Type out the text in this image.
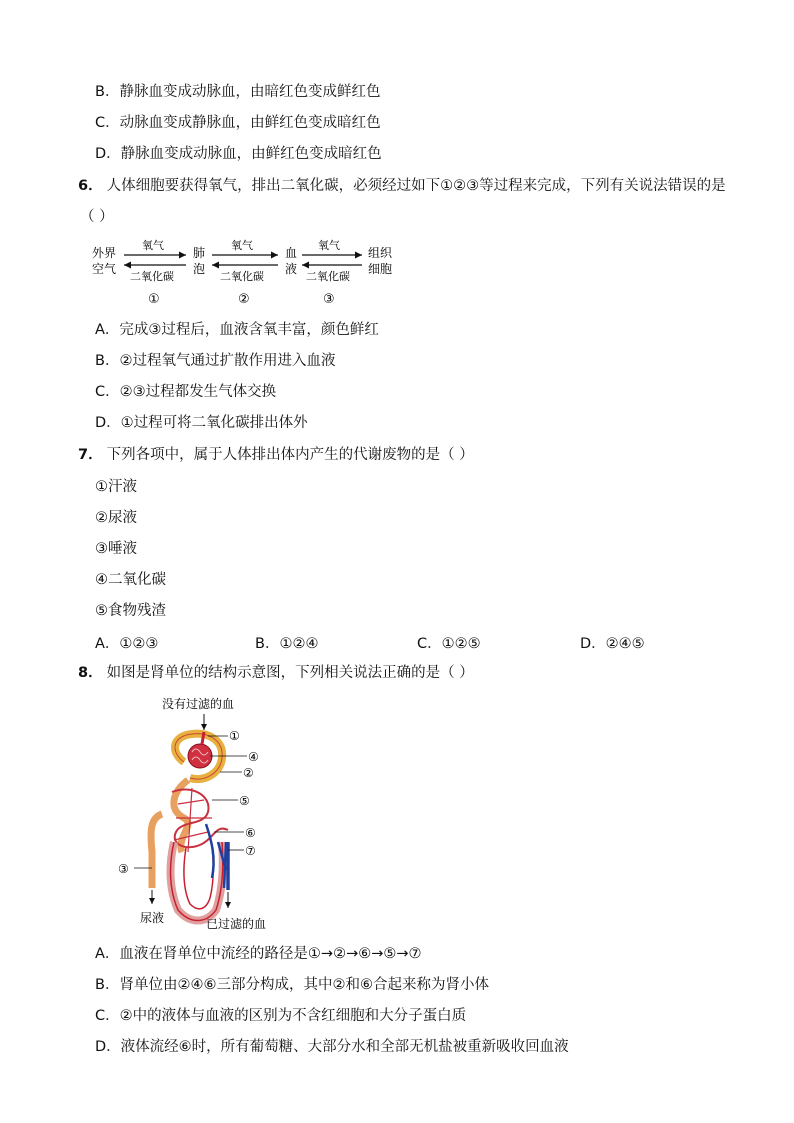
B．静脉血变成动脉血，由暗红色变成鲜红色
C．动脉血变成静脉血，由鲜红色变成暗红色
D．静脉血变成动脉血，由鲜红色变成暗红色
6． 人体细胞要获得氧气，排出二氧化碳，必须经过如下①②③等过程来完成，下列有关说法错误的是
（ ）
外界
空气
肺
泡
血
液
组织
细胞
氧气
二氧化碳
①
氧气
二氧化碳
②
氧气
二氧化碳
③
A．完成③过程后，血液含氧丰富，颜色鲜红
B．②过程氧气通过扩散作用进入血液
C．②③过程都发生气体交换
D．①过程可将二氧化碳排出体外
7． 下列各项中，属于人体排出体内产生的代谢废物的是（ ）
①汗液
②尿液
③唾液
④二氧化碳
⑤食物残渣
A．①②③	B．①②④	C．①②⑤	D．②④⑤
8． 如图是肾单位的结构示意图，下列相关说法正确的是（ ）
没有过滤的血
①
④
②
⑤
⑥
⑦
③
尿液	已过滤的血
A．血液在肾单位中流经的路径是①→②→⑥→⑤→⑦
B．肾单位由②④⑥三部分构成，其中②和⑥合起来称为肾小体
C．②中的液体与血液的区别为不含红细胞和大分子蛋白质
D．液体流经⑥时，所有葡萄糖、大部分水和全部无机盐被重新吸收回血液
